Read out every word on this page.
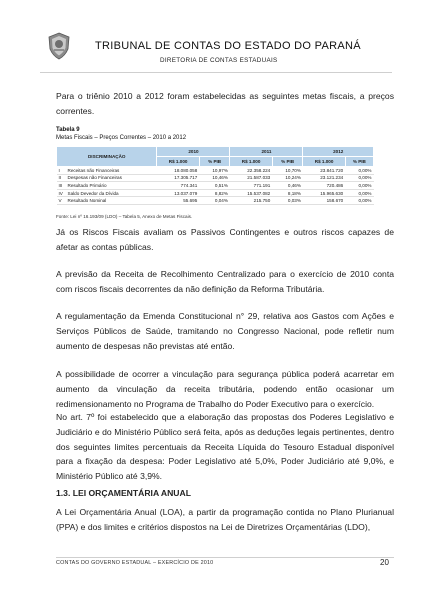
TRIBUNAL DE CONTAS DO ESTADO DO PARANÁ
DIRETORIA DE CONTAS ESTADUAIS
Para o triênio 2010 a 2012 foram estabelecidas as seguintes metas fiscais, a preços correntes.
Tabela 9
Metas Fiscais – Preços Correntes – 2010 a 2012
DISCRIMINAÇÃO		2010		2011		2012	
		R$ 1.000	% PIB	R$ 1.000	% PIB	R$ 1.000	% PIB
I	Receitas não Financeiras	18.080.058	10,97%	22.358.224	10,70%	23.841.720	0,00%
II	Despesas não Financeiras	17.305.717	10,46%	21.587.033	10,24%	23.121.234	0,00%
III	Resultado Primário	774.341	0,51%	771.191	0,46%	720.486	0,00%
IV	Saldo Devedor da Dívida	13.037.079	8,82%	15.537.082	8,18%	15.965.630	0,00%
V	Resultado Nominal	55.695	0,04%	215.750	0,03%	158.670	0,00%
Fonte: Lei nº 16.193/09 (LDO) – Tabela 5, Anexo de Metas Fiscais.
Já os Riscos Fiscais avaliam os Passivos Contingentes e outros riscos capazes de afetar as contas públicas.
A previsão da Receita de Recolhimento Centralizado para o exercício de 2010 conta com riscos fiscais decorrentes da não definição da Reforma Tributária.
A regulamentação da Emenda Constitucional n° 29, relativa aos Gastos com Ações e Serviços Públicos de Saúde, tramitando no Congresso Nacional, pode refletir num aumento de despesas não previstas até então.
A possibilidade de ocorrer a vinculação para segurança pública poderá acarretar em aumento da vinculação da receita tributária, podendo então ocasionar um redimensionamento no Programa de Trabalho do Poder Executivo para o exercício.
No art. 7º foi estabelecido que a elaboração das propostas dos Poderes Legislativo e Judiciário e do Ministério Público será feita, após as deduções legais pertinentes, dentro dos seguintes limites percentuais da Receita Líquida do Tesouro Estadual disponível para a fixação da despesa: Poder Legislativo até 5,0%, Poder Judiciário até 9,0%, e Ministério Público até 3,9%.
1.3. LEI ORÇAMENTÁRIA ANUAL
A Lei Orçamentária Anual (LOA), a partir da programação contida no Plano Plurianual (PPA) e dos limites e critérios dispostos na Lei de Diretrizes Orçamentárias (LDO),
CONTAS DO GOVERNO ESTADUAL – EXERCÍCIO DE 2010	20
